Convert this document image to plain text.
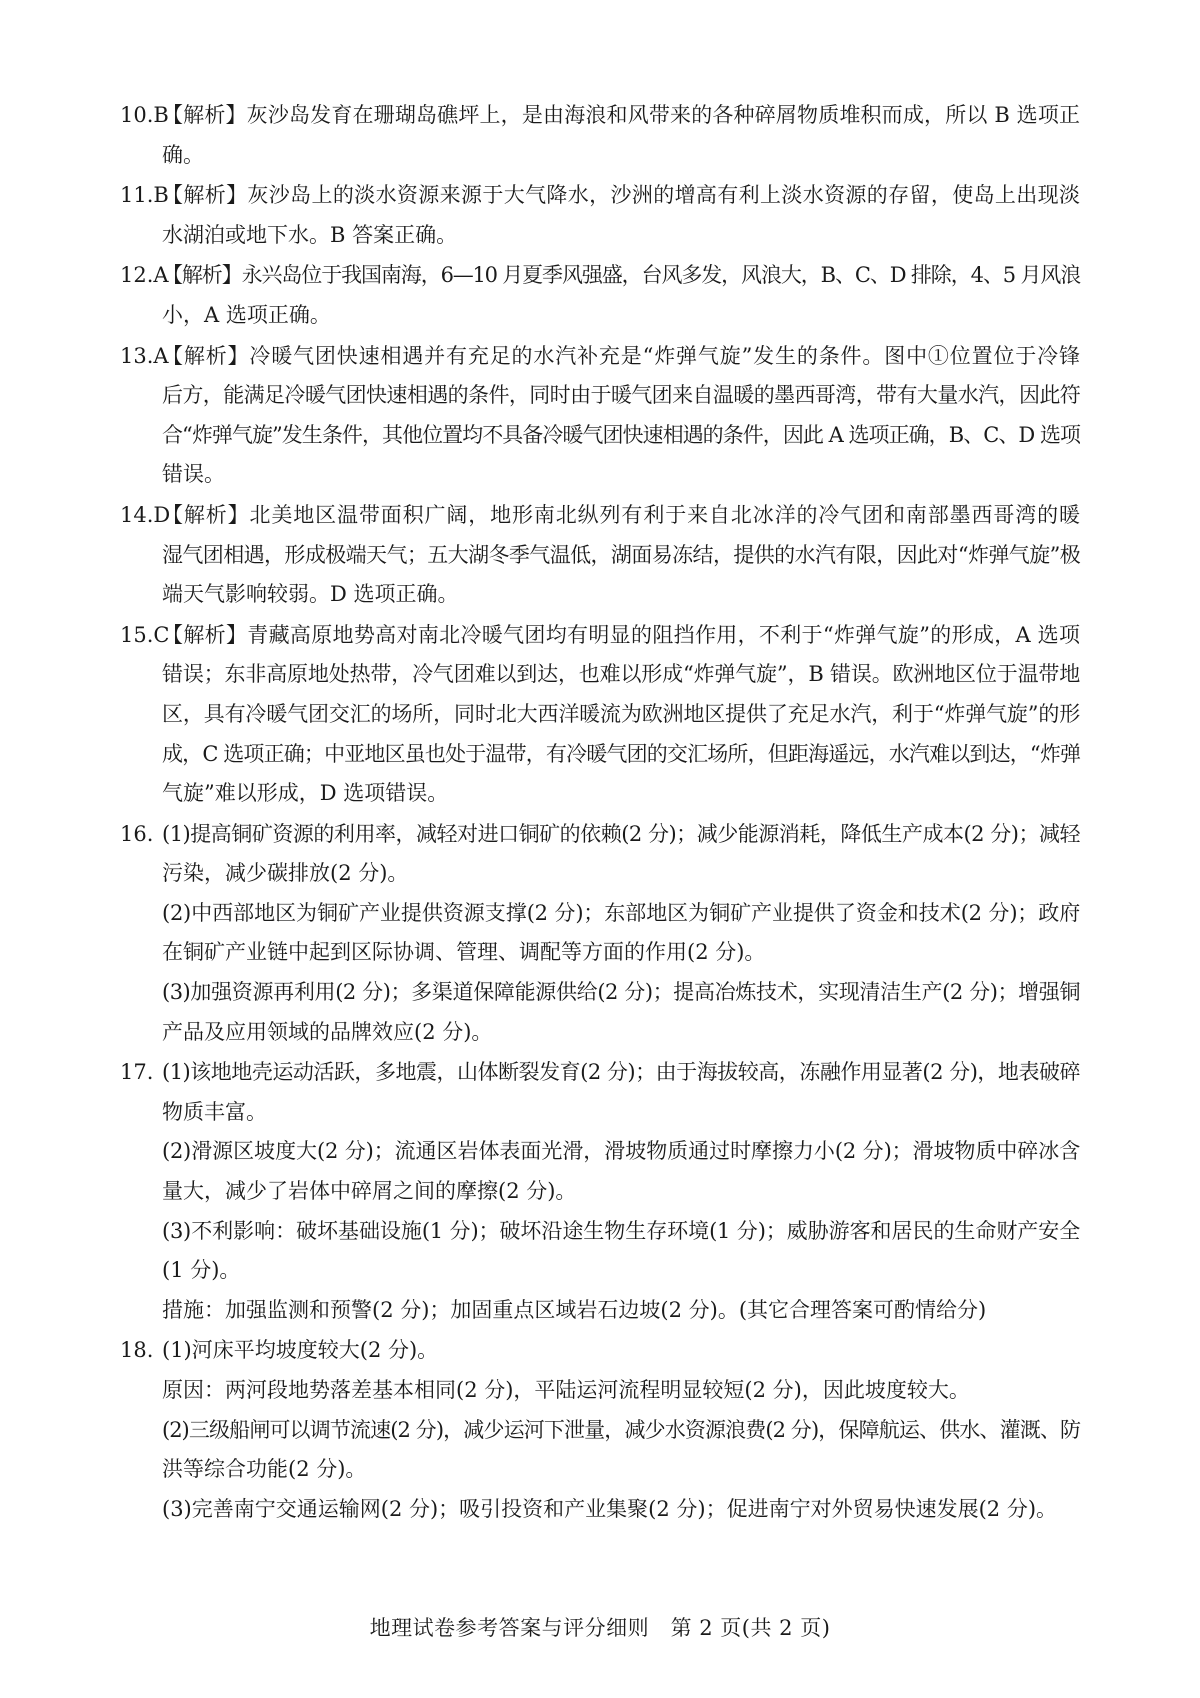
10.B
【解析】灰沙岛发育在珊瑚岛礁坪上，是由海浪和风带来的各种碎屑物质堆积而成，所以 B 选项正
确。
11.B
【解析】灰沙岛上的淡水资源来源于大气降水，沙洲的增高有利上淡水资源的存留，使岛上出现淡
水湖泊或地下水。B 答案正确。
12.A
【解析】永兴岛位于我国南海，6—10 月夏季风强盛，台风多发，风浪大，B、C、D 排除，4、5 月风浪
小，A 选项正确。
13.A
【解析】冷暖气团快速相遇并有充足的水汽补充是“炸弹气旋”发生的条件。图中①位置位于冷锋
后方，能满足冷暖气团快速相遇的条件，同时由于暖气团来自温暖的墨西哥湾，带有大量水汽，因此符
合“炸弹气旋”发生条件，其他位置均不具备冷暖气团快速相遇的条件，因此 A 选项正确，B、C、D 选项
错误。
14.D
【解析】北美地区温带面积广阔，地形南北纵列有利于来自北冰洋的冷气团和南部墨西哥湾的暖
湿气团相遇，形成极端天气；五大湖冬季气温低，湖面易冻结，提供的水汽有限，因此对“炸弹气旋”极
端天气影响较弱。D 选项正确。
15.C
【解析】青藏高原地势高对南北冷暖气团均有明显的阻挡作用，不利于“炸弹气旋”的形成，A 选项
错误；东非高原地处热带，冷气团难以到达，也难以形成“炸弹气旋”，B 错误。欧洲地区位于温带地
区，具有冷暖气团交汇的场所，同时北大西洋暖流为欧洲地区提供了充足水汽，利于“炸弹气旋”的形
成，C 选项正确；中亚地区虽也处于温带，有冷暖气团的交汇场所，但距海遥远，水汽难以到达，“炸弹
气旋”难以形成，D 选项错误。
16. (1)提高铜矿资源的利用率，减轻对进口铜矿的依赖(2 分)；减少能源消耗，降低生产成本(2 分)；减轻
污染，减少碳排放(2 分)。
(2)中西部地区为铜矿产业提供资源支撑(2 分)；东部地区为铜矿产业提供了资金和技术(2 分)；政府
在铜矿产业链中起到区际协调、管理、调配等方面的作用(2 分)。
(3)加强资源再利用(2 分)；多渠道保障能源供给(2 分)；提高冶炼技术，实现清洁生产(2 分)；增强铜
产品及应用领域的品牌效应(2 分)。
17. (1)该地地壳运动活跃，多地震，山体断裂发育(2 分)；由于海拔较高，冻融作用显著(2 分)，地表破碎
物质丰富。
(2)滑源区坡度大(2 分)；流通区岩体表面光滑，滑坡物质通过时摩擦力小(2 分)；滑坡物质中碎冰含
量大，减少了岩体中碎屑之间的摩擦(2 分)。
(3)不利影响：破坏基础设施(1 分)；破坏沿途生物生存环境(1 分)；威胁游客和居民的生命财产安全
(1 分)。
措施：加强监测和预警(2 分)；加固重点区域岩石边坡(2 分)。(其它合理答案可酌情给分)
18. (1)河床平均坡度较大(2 分)。
原因：两河段地势落差基本相同(2 分)，平陆运河流程明显较短(2 分)，因此坡度较大。
(2)三级船闸可以调节流速(2 分)，减少运河下泄量，减少水资源浪费(2 分)，保障航运、供水、灌溉、防
洪等综合功能(2 分)。
(3)完善南宁交通运输网(2 分)；吸引投资和产业集聚(2 分)；促进南宁对外贸易快速发展(2 分)。
地理试卷参考答案与评分细则　第 2 页(共 2 页)
